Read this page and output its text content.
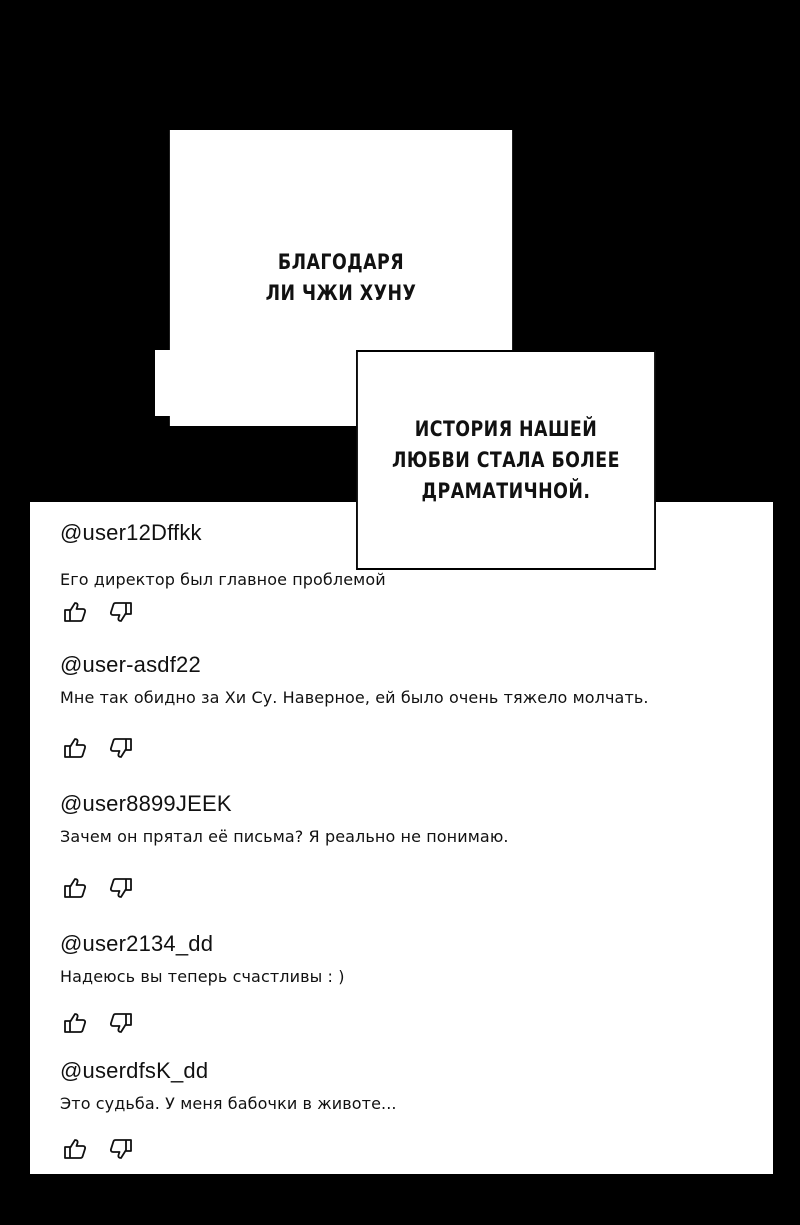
@user12Dffkk
Его директор был главное проблемой
@user-asdf22
Мне так обидно за Хи Су. Наверное, ей было очень тяжело молчать.
@user8899JEEK
Зачем он прятал её письма? Я реально не понимаю.
@user2134_dd
Надеюсь вы теперь счастливы : )
@userdfsK_dd
Это судьба. У меня бабочки в животе...
БЛАГОДАРЯ
ЛИ ЧЖИ ХУНУ
ИСТОРИЯ НАШЕЙ
ЛЮБВИ СТАЛА БОЛЕЕ
ДРАМАТИЧНОЙ.
